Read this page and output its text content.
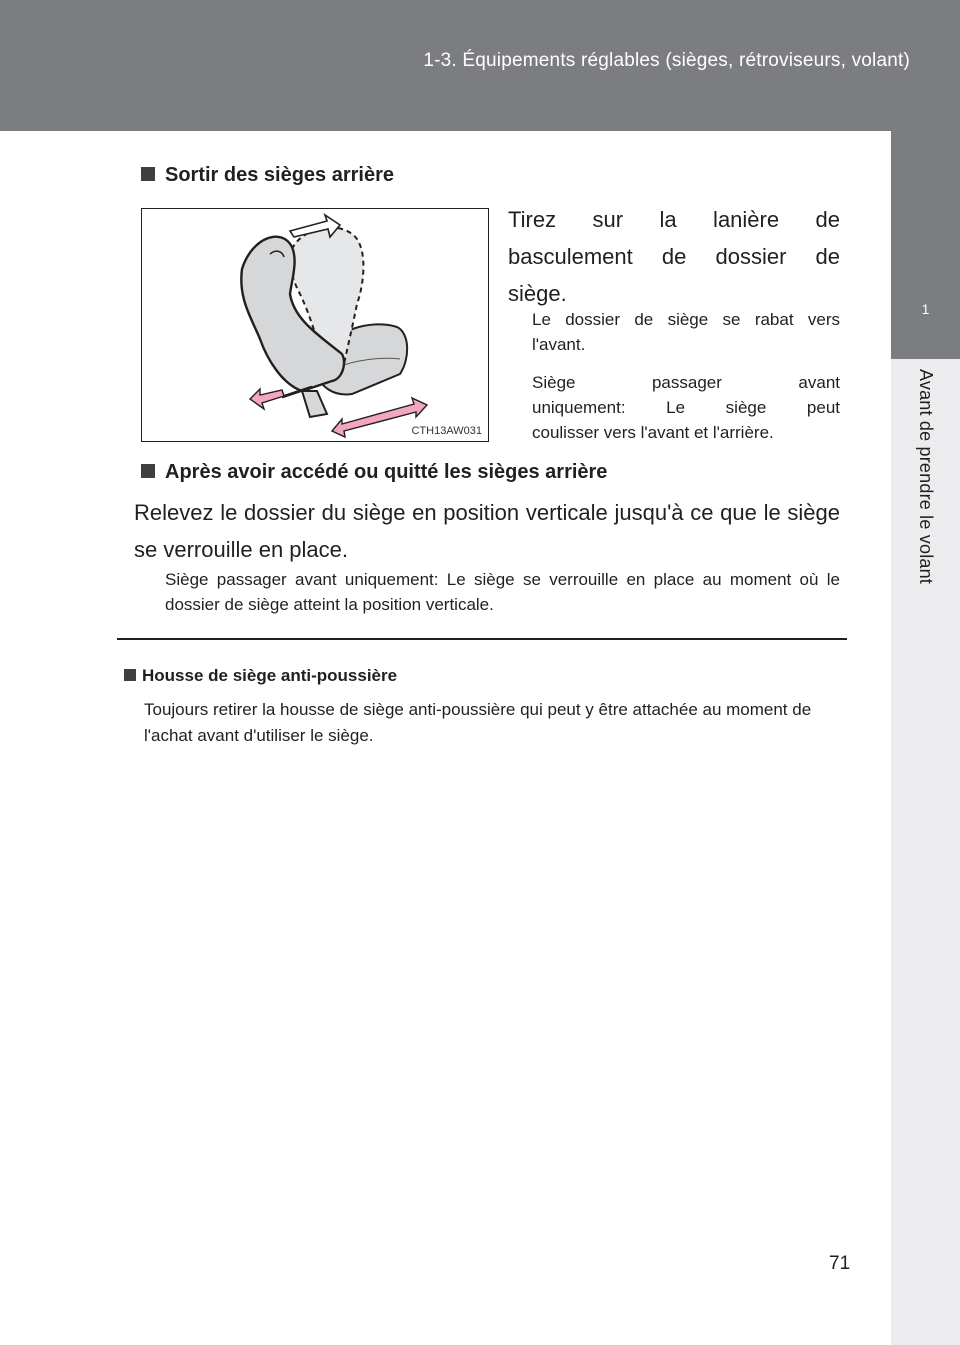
1-3. Équipements réglables (sièges, rétroviseurs, volant)
1
Avant de prendre le volant
Sortir des sièges arrière
CTH13AW031
Tirez sur la lanière de
basculement de dossier de
siège.
Le dossier de siège se rabat vers l'avant.
Siège passager avant
uniquement: Le siège peut
coulisser vers l'avant et l'arrière.
Après avoir accédé ou quitté les sièges arrière
Relevez le dossier du siège en position verticale jusqu'à ce que le siège se verrouille en place.
Siège passager avant uniquement: Le siège se verrouille en place au moment où le dossier de siège atteint la position verticale.
Housse de siège anti-poussière
Toujours retirer la housse de siège anti-poussière qui peut y être attachée au moment de l'achat avant d'utiliser le siège.
71
